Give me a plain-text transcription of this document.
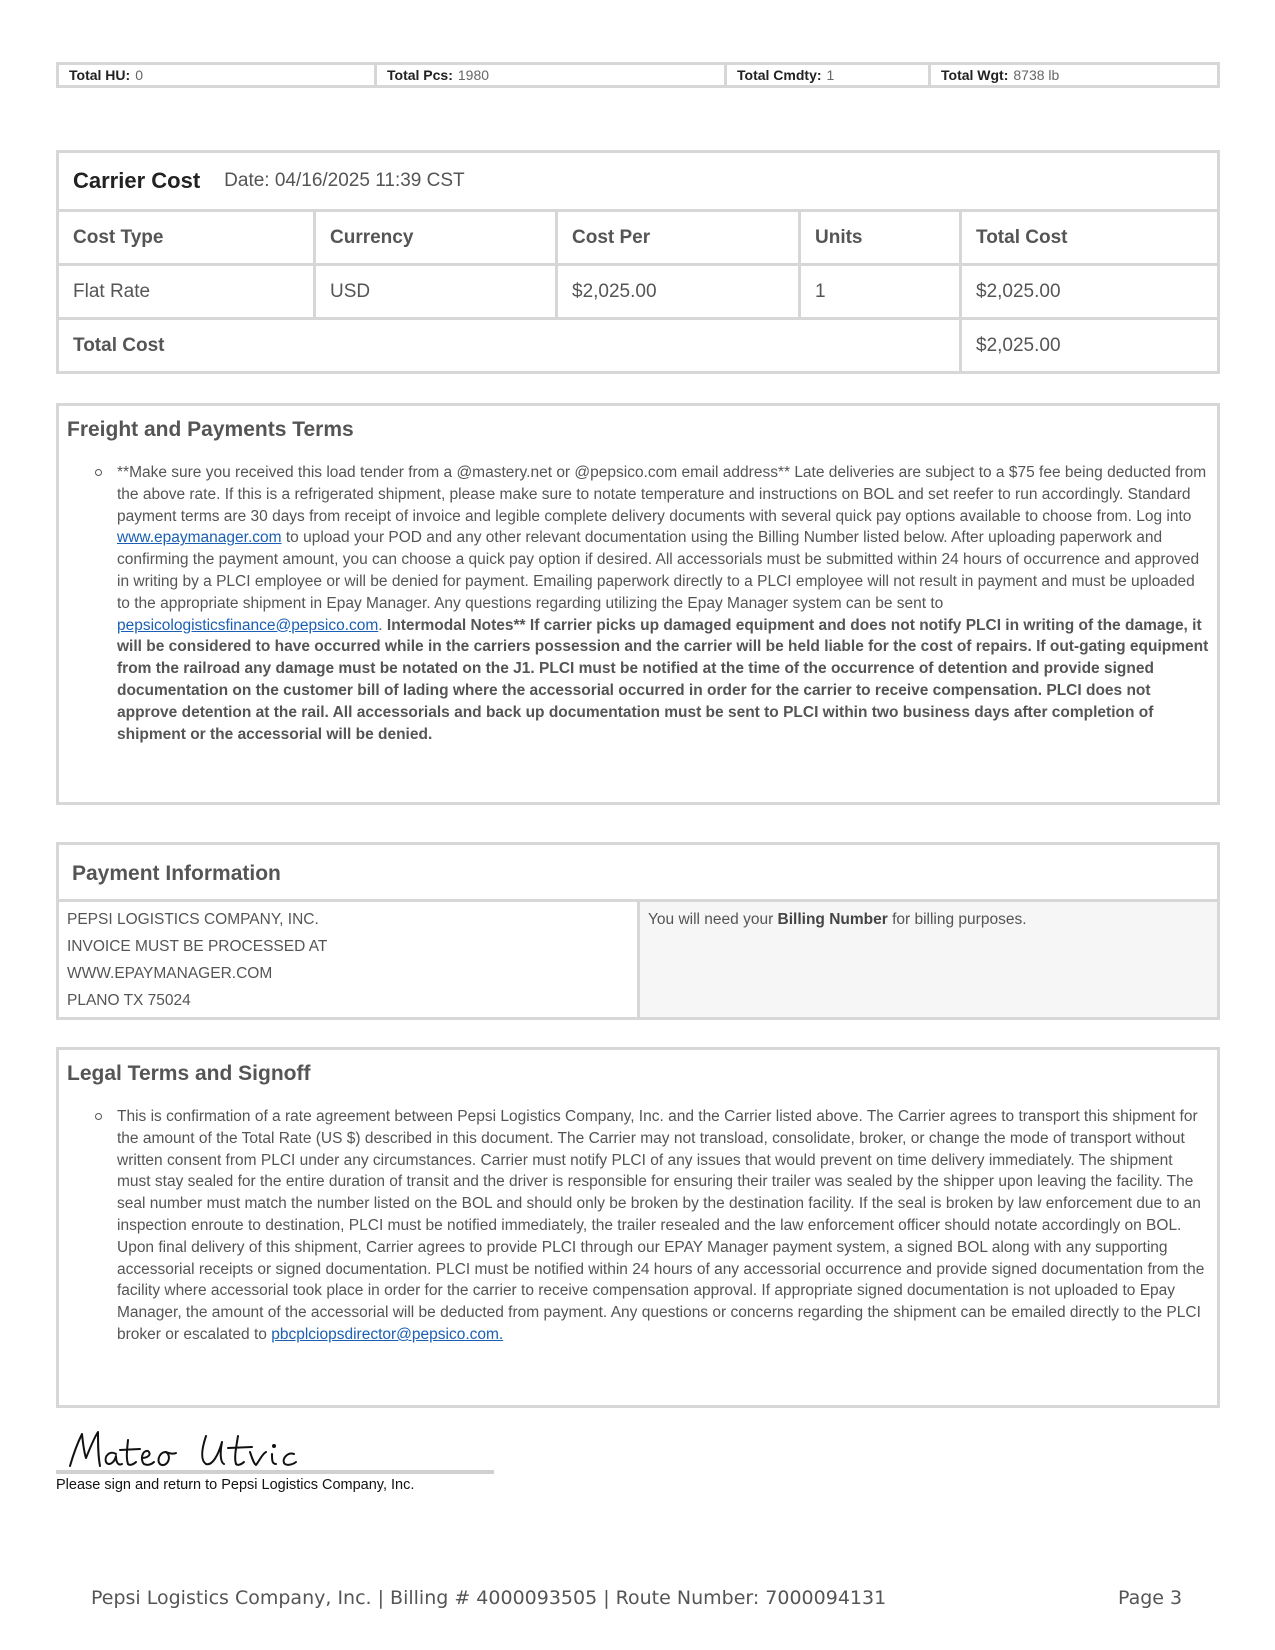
Total HU: 0	Total Pcs: 1980	Total Cmdty: 1	Total Wgt: 8738 lb
Carrier Cost Date: 04/16/2025 11:39 CST
Cost Type	Currency	Cost Per	Units	Total Cost
Flat Rate	USD	$2,025.00	1	$2,025.00
Total Cost	$2,025.00
Freight and Payments Terms
**Make sure you received this load tender from a @mastery.net or @pepsico.com email address** Late deliveries are subject to a $75 fee being deducted from the above rate. If this is a refrigerated shipment, please make sure to notate temperature and instructions on BOL and set reefer to run accordingly. Standard payment terms are 30 days from receipt of invoice and legible complete delivery documents with several quick pay options available to choose from. Log into www.epaymanager.com to upload your POD and any other relevant documentation using the Billing Number listed below. After uploading paperwork and confirming the payment amount, you can choose a quick pay option if desired. All accessorials must be submitted within 24 hours of occurrence and approved in writing by a PLCI employee or will be denied for payment. Emailing paperwork directly to a PLCI employee will not result in payment and must be uploaded to the appropriate shipment in Epay Manager. Any questions regarding utilizing the Epay Manager system can be sent to pepsicologisticsfinance@pepsico.com. Intermodal Notes** If carrier picks up damaged equipment and does not notify PLCI in writing of the damage, it will be considered to have occurred while in the carriers possession and the carrier will be held liable for the cost of repairs. If out-gating equipment from the railroad any damage must be notated on the J1. PLCI must be notified at the time of the occurrence of detention and provide signed documentation on the customer bill of lading where the accessorial occurred in order for the carrier to receive compensation. PLCI does not approve detention at the rail. All accessorials and back up documentation must be sent to PLCI within two business days after completion of shipment or the accessorial will be denied.
Payment Information
PEPSI LOGISTICS COMPANY, INC.
INVOICE MUST BE PROCESSED AT
WWW.EPAYMANAGER.COM
PLANO TX 75024
You will need your Billing Number for billing purposes.
Legal Terms and Signoff
This is confirmation of a rate agreement between Pepsi Logistics Company, Inc. and the Carrier listed above. The Carrier agrees to transport this shipment for the amount of the Total Rate (US $) described in this document. The Carrier may not transload, consolidate, broker, or change the mode of transport without written consent from PLCI under any circumstances. Carrier must notify PLCI of any issues that would prevent on time delivery immediately. The shipment must stay sealed for the entire duration of transit and the driver is responsible for ensuring their trailer was sealed by the shipper upon leaving the facility. The seal number must match the number listed on the BOL and should only be broken by the destination facility. If the seal is broken by law enforcement due to an inspection enroute to destination, PLCI must be notified immediately, the trailer resealed and the law enforcement officer should notate accordingly on BOL. Upon final delivery of this shipment, Carrier agrees to provide PLCI through our EPAY Manager payment system, a signed BOL along with any supporting accessorial receipts or signed documentation. PLCI must be notified within 24 hours of any accessorial occurrence and provide signed documentation from the facility where accessorial took place in order for the carrier to receive compensation approval. If appropriate signed documentation is not uploaded to Epay Manager, the amount of the accessorial will be deducted from payment. Any questions or concerns regarding the shipment can be emailed directly to the PLCI broker or escalated to pbcplciopsdirector@pepsico.com.
Please sign and return to Pepsi Logistics Company, Inc.
Pepsi Logistics Company, Inc. | Billing # 4000093505 | Route Number: 7000094131	Page 3
